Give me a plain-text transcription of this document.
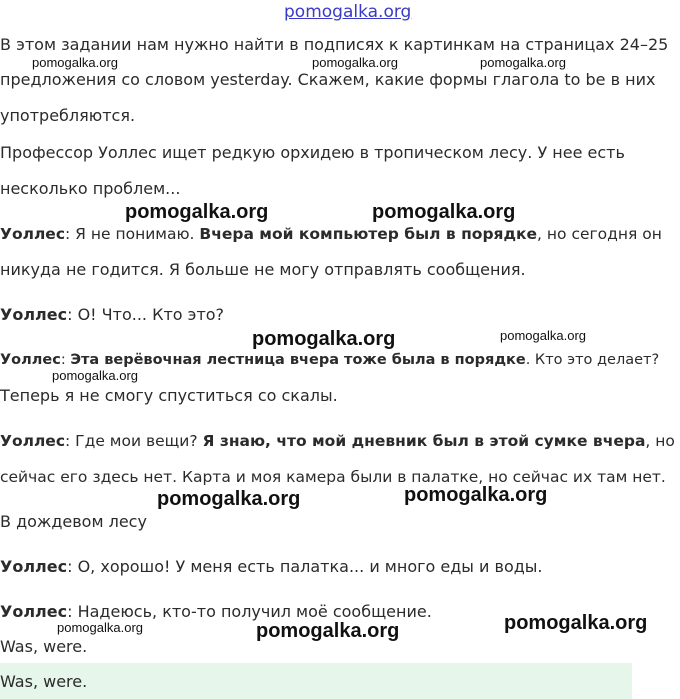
pomogalka.org
В этом задании нам нужно найти в подписях к картинкам на страницах 24–25
предложения со словом yesterday. Скажем, какие формы глагола to be в них
употребляются.
Профессор Уоллес ищет редкую орхидею в тропическом лесу. У нее есть
несколько проблем...
Уоллес: Я не понимаю. Вчера мой компьютер был в порядке, но сегодня он
никуда не годится. Я больше не могу отправлять сообщения.
Уоллес: О! Что... Кто это?
Уоллес: Эта верёвочная лестница вчера тоже была в порядке. Кто это делает?
Теперь я не смогу спуститься со скалы.
Уоллес: Где мои вещи? Я знаю, что мой дневник был в этой сумке вчера, но
сейчас его здесь нет. Карта и моя камера были в палатке, но сейчас их там нет.
В дождевом лесу
Уоллес: О, хорошо! У меня есть палатка... и много еды и воды.
Уоллес: Надеюсь, кто-то получил моё сообщение.
Was, were.
Was, were.
pomogalka.org	pomogalka.org	pomogalka.org
pomogalka.org	pomogalka.org
pomogalka.org	pomogalka.org
pomogalka.org
pomogalka.org	pomogalka.org
pomogalka.org	pomogalka.org	pomogalka.org
